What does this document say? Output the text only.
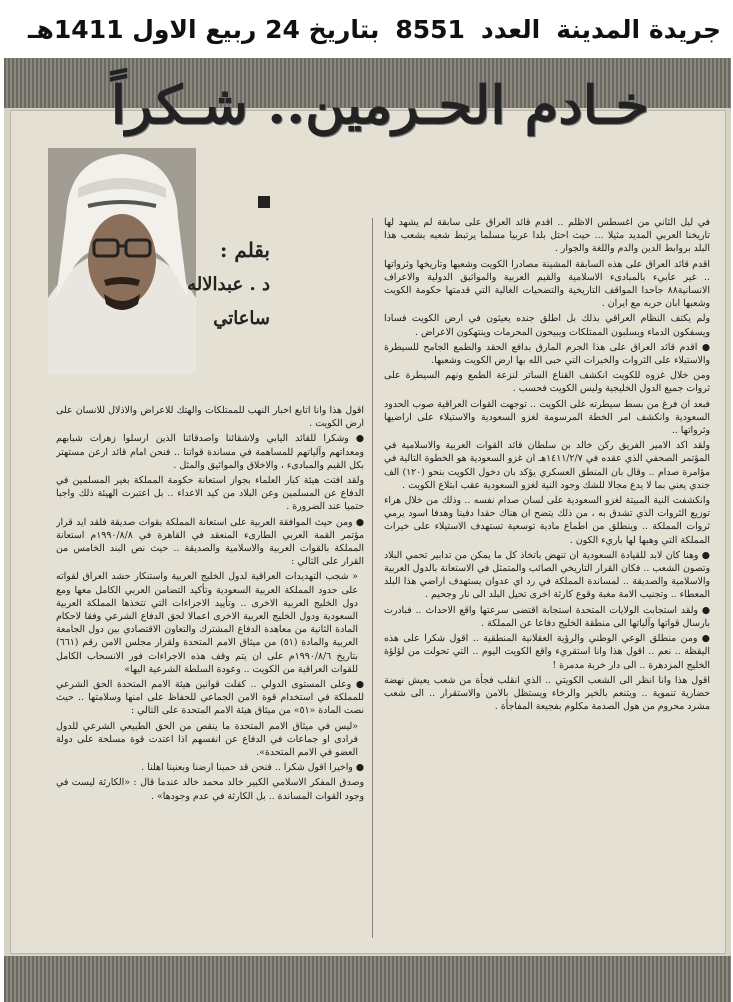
جريدة المدينة
العدد
8551
بتاريخ 24 ربيع الاول 1411هـ
خـادم الحـرمين.. شـكراً
بقلم :
د . عبدالاله
ساعاتي

في ليل الثاني من اغسطس الاظلم .. اقدم قائد العراق على سابقة لم يشهد لها تاريخنا العربي المديد مثيلا ... حيث احتل بلدا عربيا مسلما يرتبط شعبه بشعب هذا البلد بروابط الدين والدم واللغة والجوار .

اقدم قائد العراق على هذه السابقة المشينة مصادرا الكويت وشعبها وتاريخها وثرواتها .. غير عابيء بالمبادىء الاسلامية والقيم العربية والمواثيق الدولية والاعراف الانسانية٨٨ جاحدا المواقف التاريخية والتضحيات الغالية التي قدمتها حكومة الكويت وشعبها ابان حربه مع ايران .

ولم يكتف النظام العراقي بذلك بل اطلق جنده يعيثون في ارض الكويت فسادا ويسفكون الدماء ويسلبون الممتلكات ويبيحون المحرمات وينتهكون الاعراض .

● اقدم قائد العراق على هذا الجرم المارق بدافع الحقد والطمع الجامح للسيطرة والاستيلاء على الثروات والخيرات التي حبى الله بها ارض الكويت وشعبها.

ومن خلال غزوه للكويت انكشف القناع الساتر لنزعة الطمع ونهم السيطرة على ثروات جميع الدول الخليجية وليس الكويت فحسب .

فبعد ان فرغ من بسط سيطرته على الكويت .. توجهت القوات العراقية صوب الحدود السعودية وانكشف امر الخطة المرسومة لغزو السعودية والاستيلاء على اراضيها وثرواتها ..

ولقد اكد الامير الفريق ركن خالد بن سلطان قائد القوات العربية والاسلامية في المؤتمر الصحفي الذي عقده في ١٤١١/٢/٧هـ ان غزو السعودية هو الخطوة التالية في مؤامرة صدام .. وقال بان المنطق العسكري يؤكد بان دخول الكويت بنحو (١٢٠) الف جندي يعني بما لا يدع مجالا للشك وجود النية لغزو السعودية عقب ابتلاع الكويت .

وانكشفت النية المبيتة لغزو السعودية على لسان صدام نفسه .. وذلك من خلال هراء توزيع الثروات الذي تشدق به ، من ذلك يتضح ان هناك حقدا دفينا وهدفا اسود يرمي ثروات المملكة .. وينطلق من اطماع مادية توسعية تستهدف الاستيلاء على خيرات المملكة التي وهبها لها باريء الكون .

● وهنا كان لابد للقيادة السعودية ان تنهض باتخاذ كل ما يمكن من تدابير تحمي البلاد وتصون الشعب .. فكان القرار التاريخي الصائب والمتمثل في الاستعانة بالدول العربية والاسلامية والصديقة .. لمساندة المملكة في رد اي عدوان يستهدف اراضي هذا البلد المعطاء .. وتجنيب الامة مغبة وقوع كارثة اخرى تحيل البلد الى نار وجحيم .

● ولقد استجابت الولايات المتحدة استجابة اقتضى سرعتها واقع الاحداث .. فبادرت بارسال قواتها وآلياتها الى منطقة الخليج دفاعا عن المملكة .

● ومن منطلق الوعي الوطني والرؤية العقلانية المنطقية .. اقول شكرا على هذه اليقظة .. نعم .. اقول هذا وانا استقريء واقع الكويت اليوم .. التي تحولت من لؤلؤة الخليج المزدهرة .. الى دار خربة مدمرة !

اقول هذا وانا انظر الى الشعب الكويتي .. الذي انقلب فجأة من شعب يعيش نهضة حضارية تنموية .. ويتنعم بالخير والرخاء ويستظل بالامن والاستقرار .. الى شعب مشرد محروم من هول الصدمة مكلوم بفجيعة المفاجأة .

اقول هذا وانا اتابع اخبار النهب للممتلكات والهتك للاعراض والاذلال للانسان على ارض الكويت .

● وشكرا للقائد اليابي ولاشقائنا واصدقائنا الذين ارسلوا زهرات شبابهم ومعداتهم وآلياتهم للمساهمة في مساندة قواتنا .. فنحن امام قائد ارعن مستهتر بكل القيم والمبادىء ، والاخلاق والمواثيق والمثل .

ولقد افتت هيئة كبار العلماء بجواز استعانة حكومة المملكة بغير المسلمين في الدفاع عن المسلمين وعن البلاد من كيد الاعداء .. بل اعتبرت الهيئة ذلك واجبا حتميا عند الضرورة .

● ومن حيث الموافقة العربية على استعانة المملكة بقوات صديقة فلقد ايد قرار مؤتمر القمة العربي الطارىء المنعقد في القاهرة في ١٩٩٠/٨/٨م استعانة المملكة بالقوات العربية والاسلامية والصديقة .. حيث نص البند الخامس من القرار على التالي :

« شجب التهديدات العراقية لدول الخليج العربية واستنكار حشد العراق لقواته على حدود المملكة العربية السعودية وتأكيد التضامن العربي الكامل معها ومع دول الخليج العربية الاخرى .. وتأييد الاجراءات التي تتخذها المملكة العربية السعودية ودول الخليج العربية الاخرى اعمالا لحق الدفاع الشرعي وفقا لاحكام المادة الثانية من معاهدة الدفاع المشترك والتعاون الاقتصادي بين دول الجامعة العربية والمادة (٥١) من ميثاق الامم المتحدة ولقرار مجلس الامن رقم (٦٦١) بتاريخ ١٩٩٠/٨/٦م على ان يتم وقف هذه الاجراءات فور الانسحاب الكامل للقوات العراقية من الكويت .. وعودة السلطة الشرعية اليها»

● وعلى المستوى الدولي .. كفلت قوانين هيئة الامم المتحدة الحق الشرعي للمملكة في استخدام قوة الامن الجماعي للحفاظ على امنها وسلامتها .. حيث نصت المادة «٥١» من ميثاق هيئة الامم المتحدة على التالي :

«ليس في ميثاق الامم المتحدة ما ينقص من الحق الطبيعي الشرعي للدول فرادى او جماعات في الدفاع عن انفسهم اذا اعتدت قوة مسلحة على دولة العضو في الامم المتحدة».

● واخيرا اقول شكرا .. فنحن قد حمينا ارضنا وبعنينا اهلنا .

وصدق المفكر الاسلامي الكبير خالد محمد خالد عندما قال : «الكارثة ليست في وجود القوات المساندة .. بل الكارثة في عدم وجودها» .
